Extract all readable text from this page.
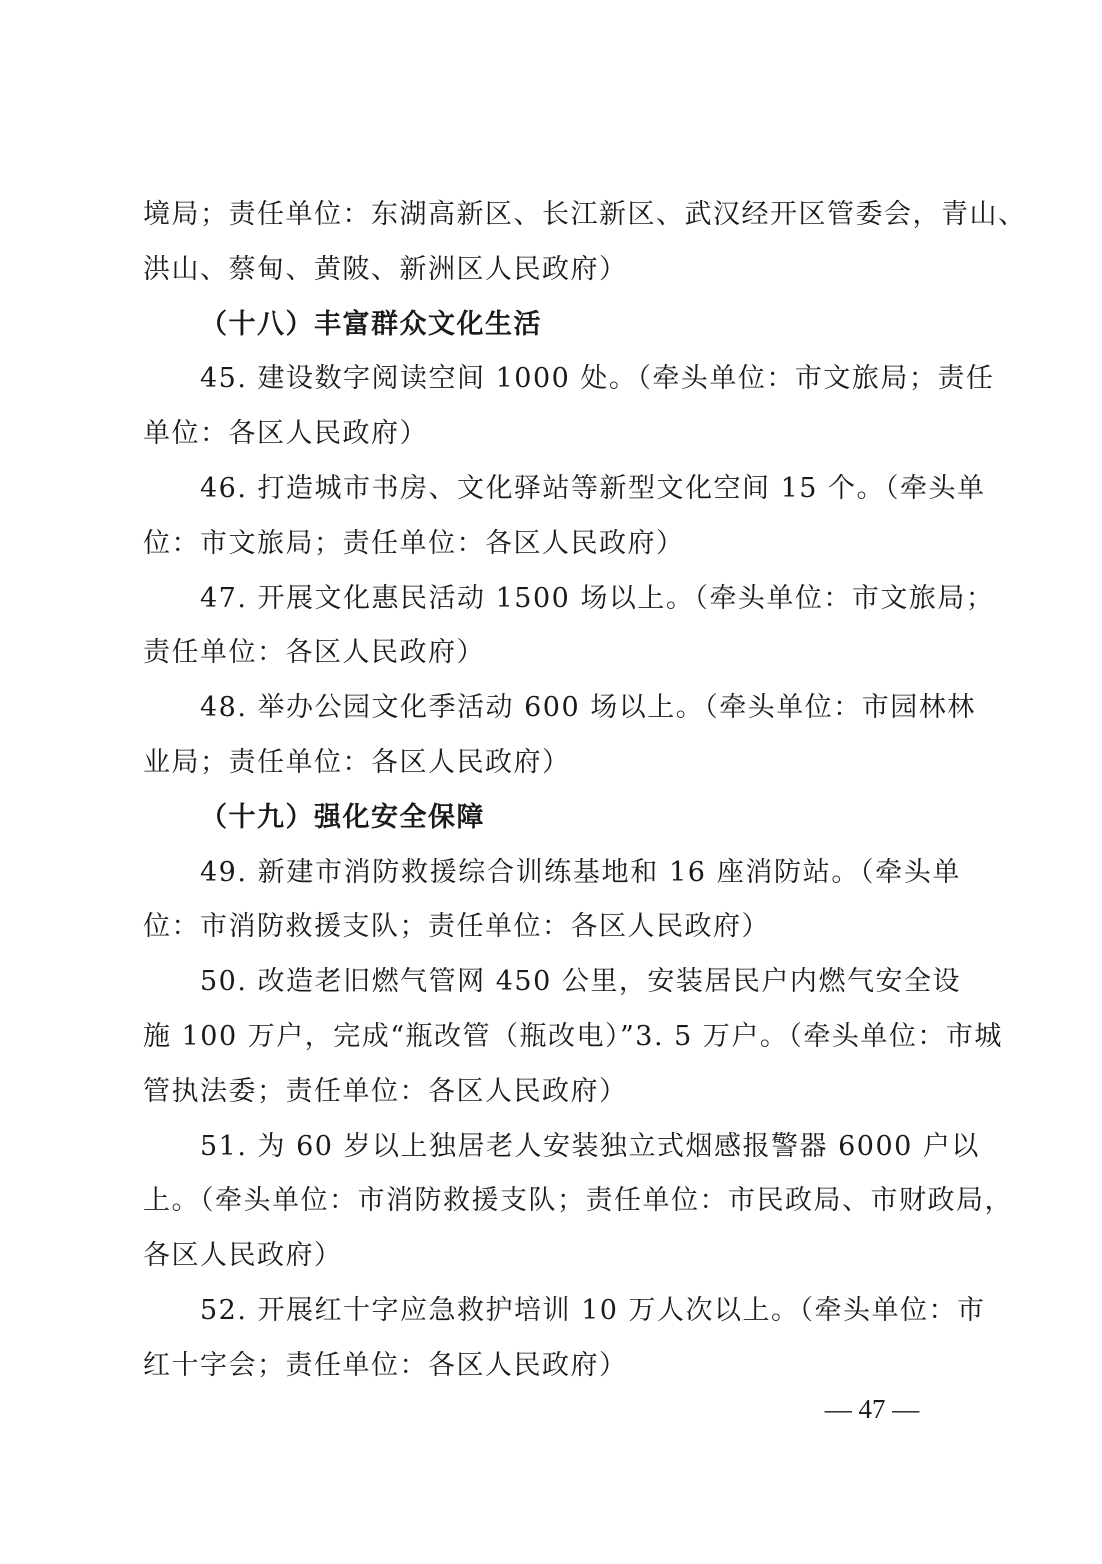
境局；责任单位：东湖高新区、长江新区、武汉经开区管委会，青山、
洪山、蔡甸、黄陂、新洲区人民政府）
（十八）丰富群众文化生活
45. 建设数字阅读空间 1000 处。（牵头单位：市文旅局；责任
单位：各区人民政府）
46. 打造城市书房、文化驿站等新型文化空间 15 个。（牵头单
位：市文旅局；责任单位：各区人民政府）
47. 开展文化惠民活动 1500 场以上。（牵头单位：市文旅局；
责任单位：各区人民政府）
48. 举办公园文化季活动 600 场以上。（牵头单位：市园林林
业局；责任单位：各区人民政府）
（十九）强化安全保障
49. 新建市消防救援综合训练基地和 16 座消防站。（牵头单
位：市消防救援支队；责任单位：各区人民政府）
50. 改造老旧燃气管网 450 公里，安装居民户内燃气安全设
施 100 万户，完成“瓶改管（瓶改电）”3. 5 万户。（牵头单位：市城
管执法委；责任单位：各区人民政府）
51. 为 60 岁以上独居老人安装独立式烟感报警器 6000 户以
上。（牵头单位：市消防救援支队；责任单位：市民政局、市财政局，
各区人民政府）
52. 开展红十字应急救护培训 10 万人次以上。（牵头单位：市
红十字会；责任单位：各区人民政府）
— 47 —
